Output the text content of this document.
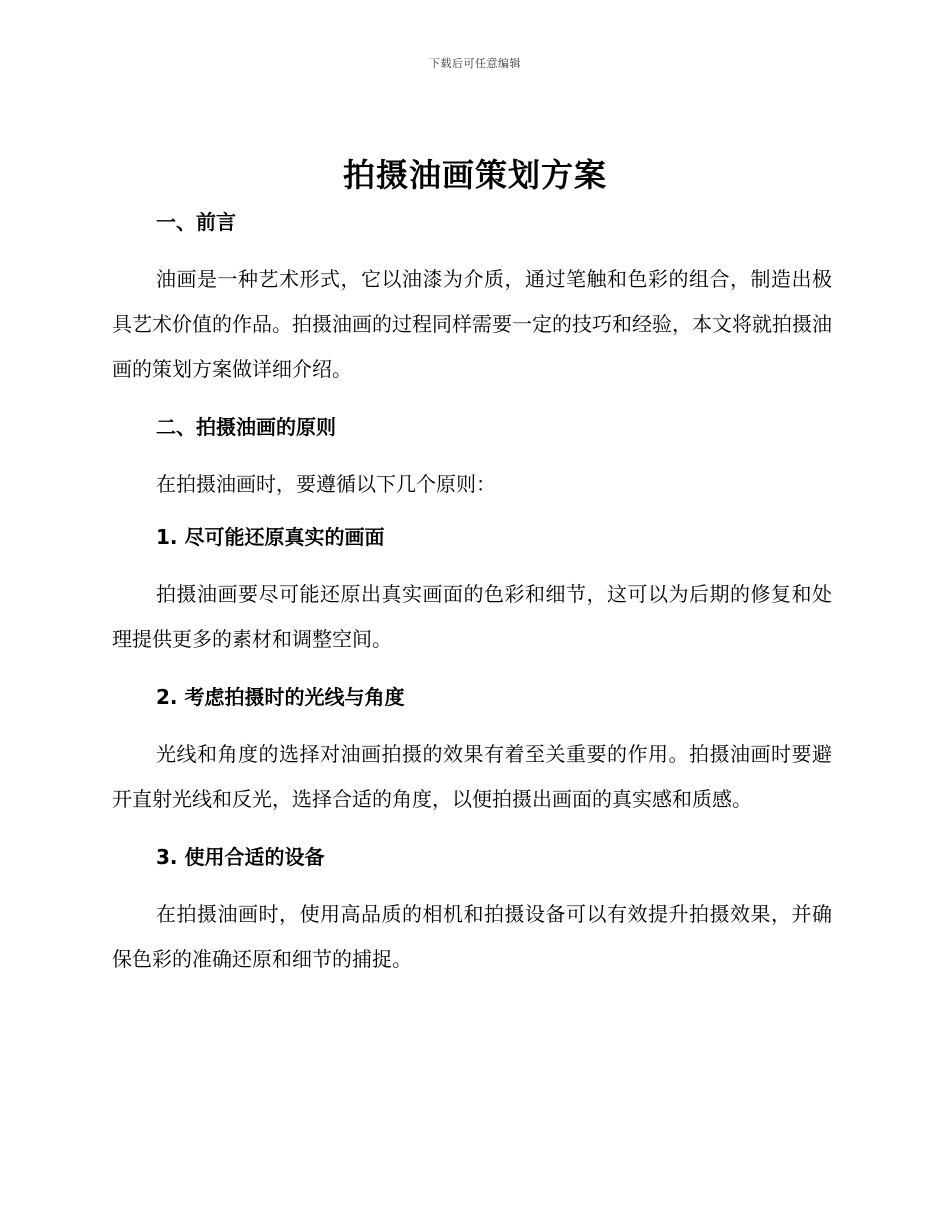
下载后可任意编辑
拍摄油画策划方案

一、前言

油画是一种艺术形式，它以油漆为介质，通过笔触和色彩的组合，制造出极具艺术价值的作品。拍摄油画的过程同样需要一定的技巧和经验，本文将就拍摄油画的策划方案做详细介绍。

二、拍摄油画的原则

在拍摄油画时，要遵循以下几个原则：

1. 尽可能还原真实的画面

拍摄油画要尽可能还原出真实画面的色彩和细节，这可以为后期的修复和处理提供更多的素材和调整空间。

2. 考虑拍摄时的光线与角度

光线和角度的选择对油画拍摄的效果有着至关重要的作用。拍摄油画时要避开直射光线和反光，选择合适的角度，以便拍摄出画面的真实感和质感。

3. 使用合适的设备

在拍摄油画时，使用高品质的相机和拍摄设备可以有效提升拍摄效果，并确保色彩的准确还原和细节的捕捉。
